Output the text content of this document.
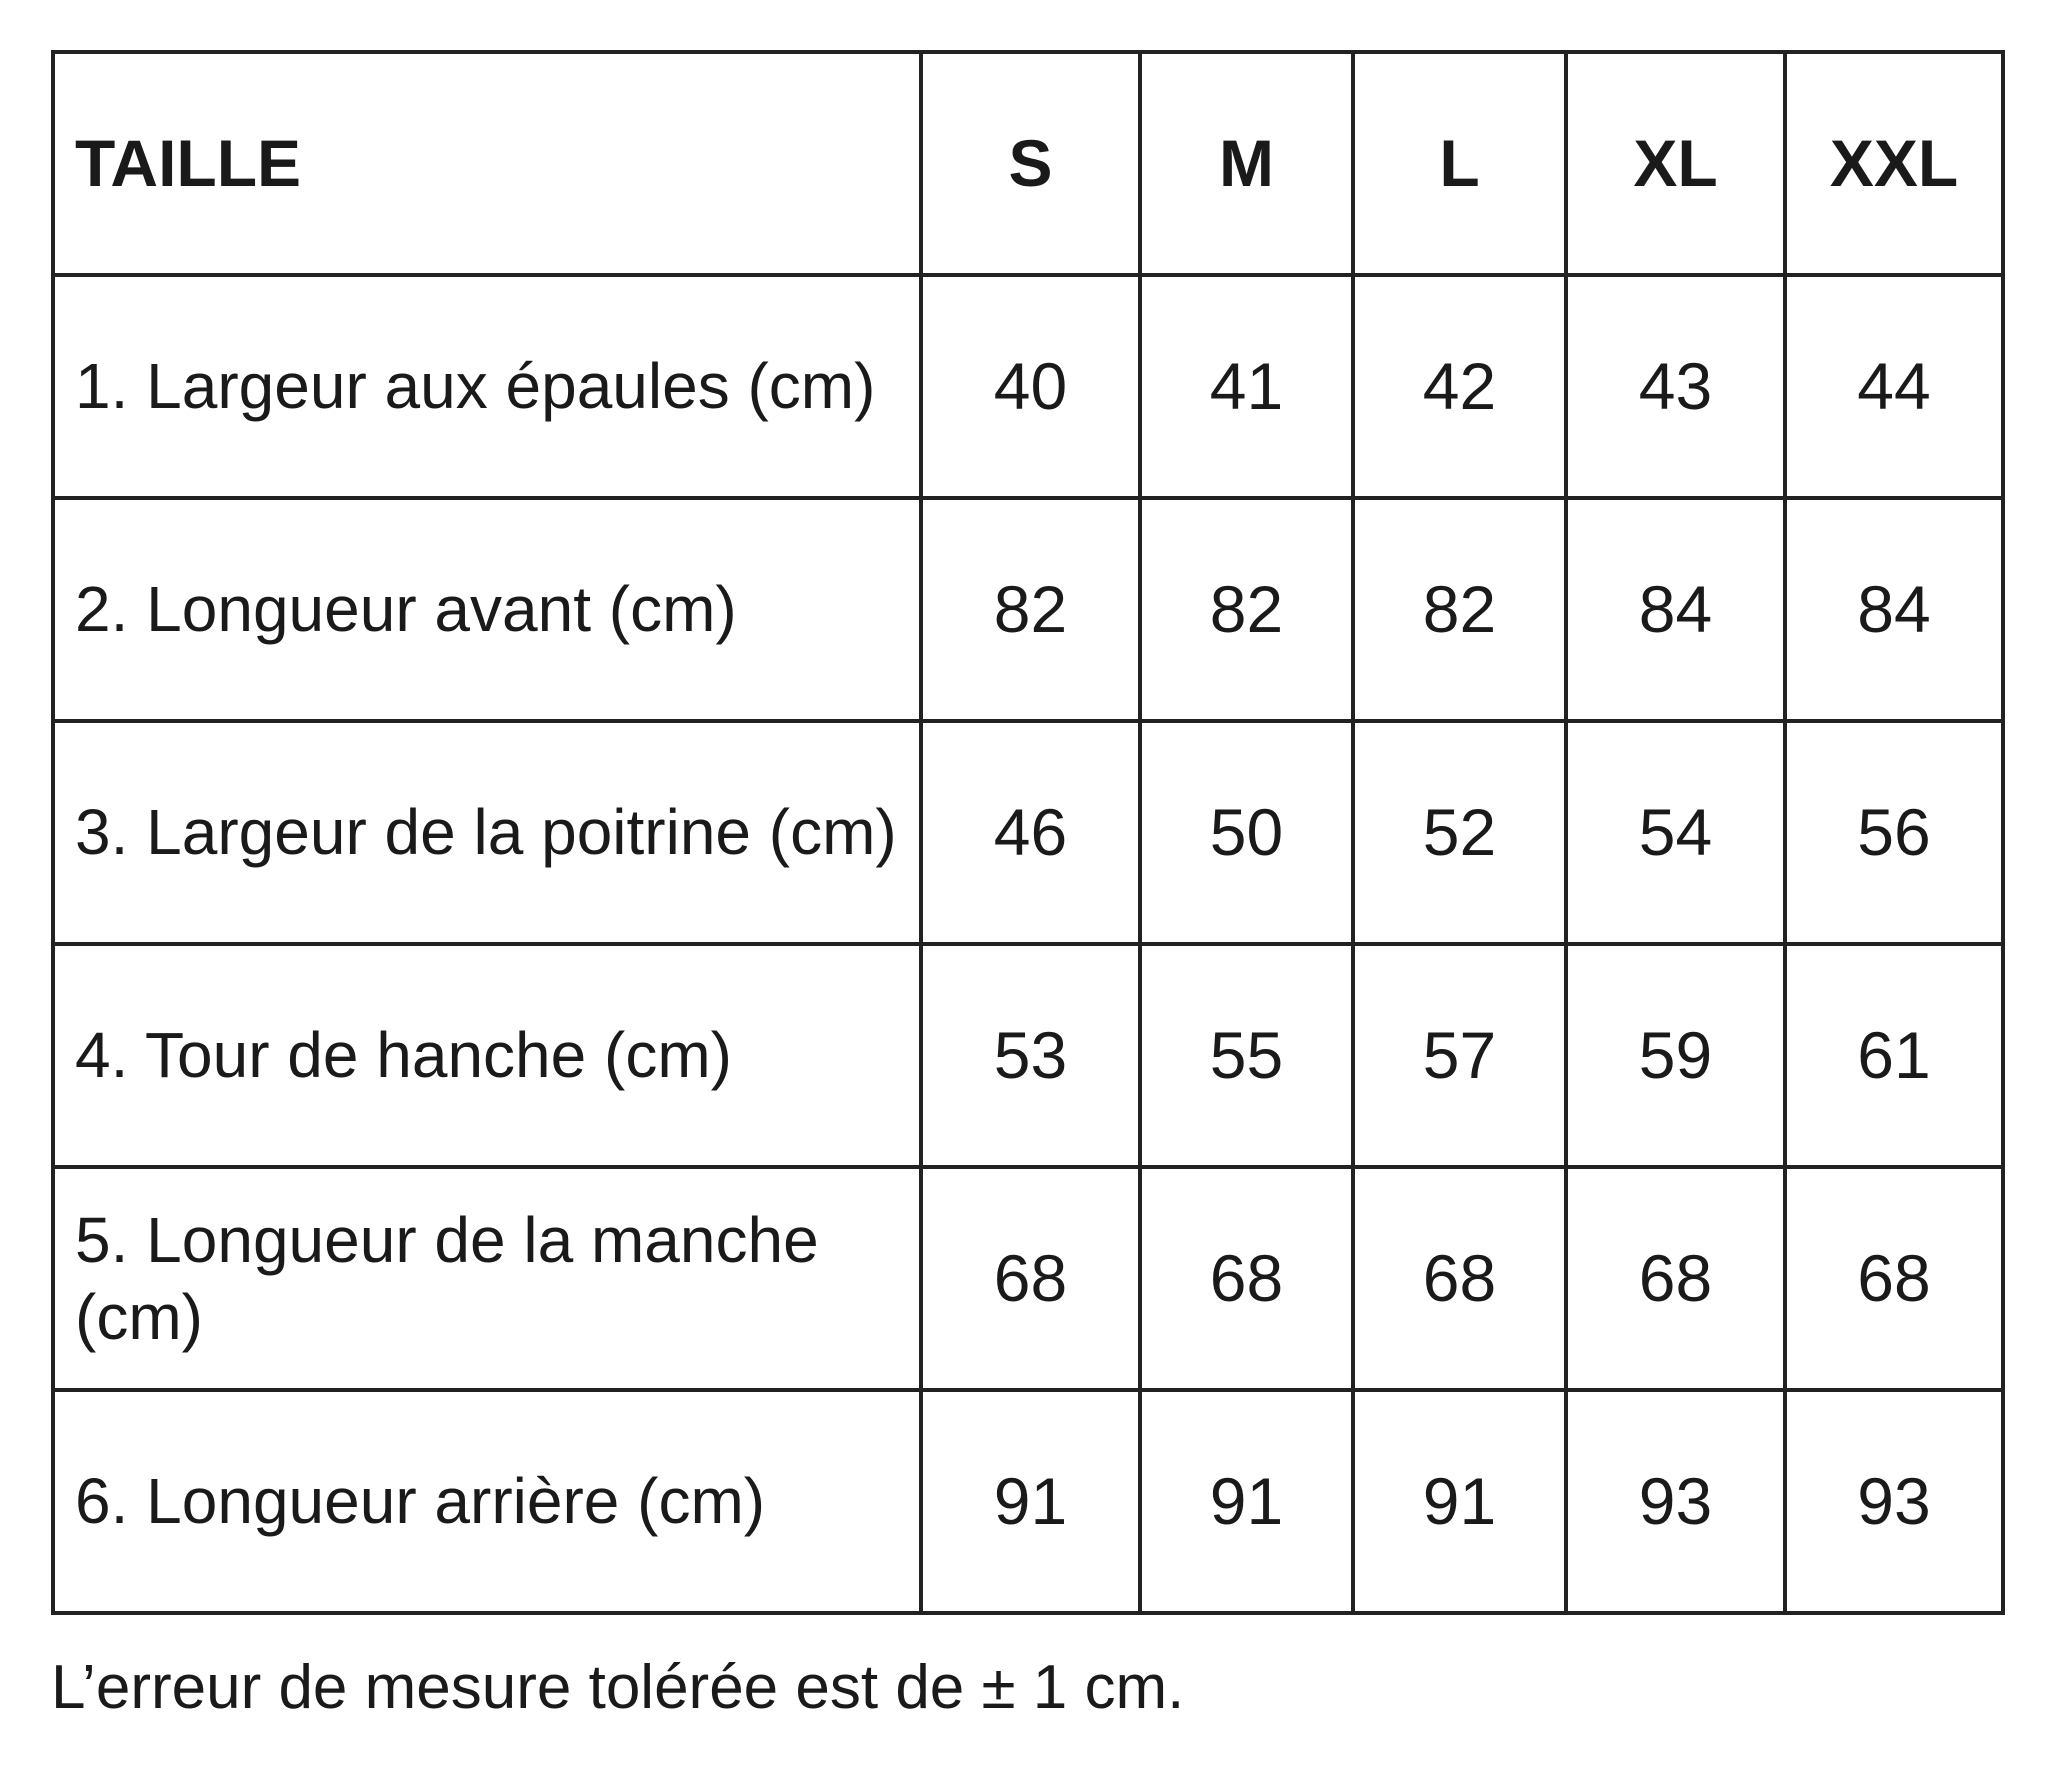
TAILLE	S	M	L	XL	XXL
1. Largeur aux épaules (cm)	40	41	42	43	44
2. Longueur avant (cm)	82	82	82	84	84
3. Largeur de la poitrine (cm)	46	50	52	54	56
4. Tour de hanche (cm)	53	55	57	59	61
5. Longueur de la manche (cm)	68	68	68	68	68
6. Longueur arrière (cm)	91	91	91	93	93

L’erreur de mesure tolérée est de ± 1 cm.
